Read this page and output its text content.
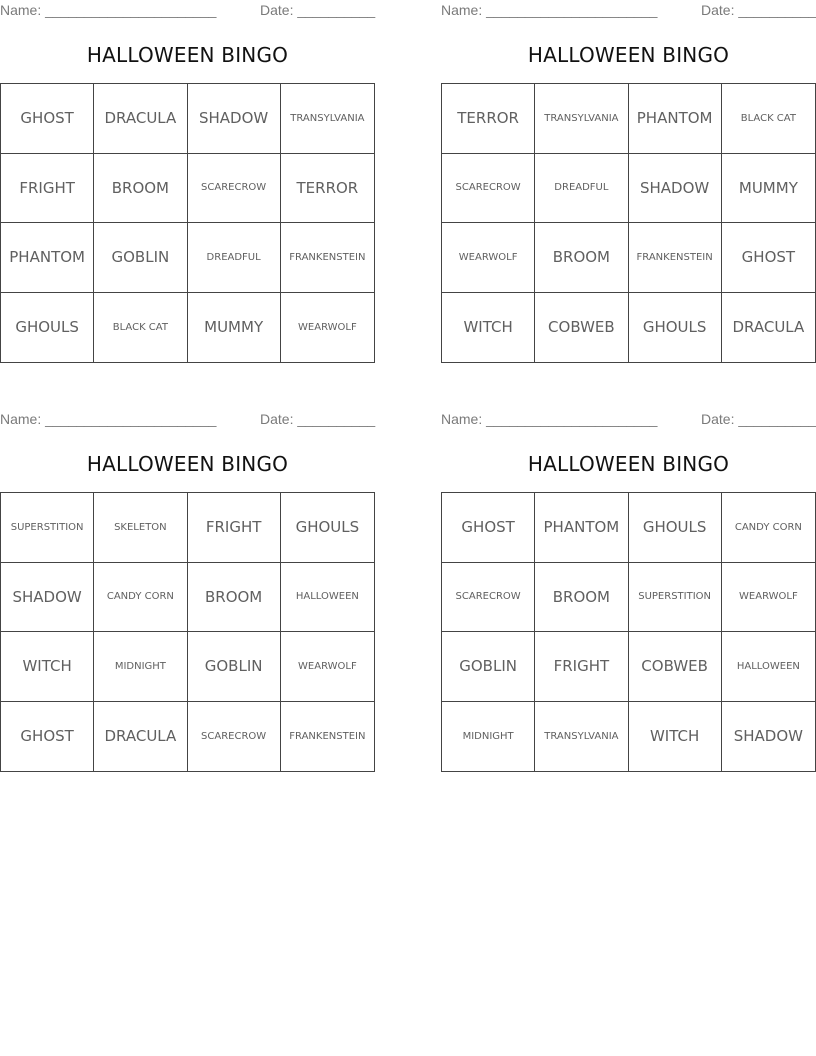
Name: ______________________	Date: __________
HALLOWEEN BINGO
GHOST	DRACULA	SHADOW	TRANSYLVANIA
FRIGHT	BROOM	SCARECROW	TERROR
PHANTOM	GOBLIN	DREADFUL	FRANKENSTEIN
GHOULS	BLACK CAT	MUMMY	WEARWOLF
Name: ______________________	Date: __________
HALLOWEEN BINGO
TERROR	TRANSYLVANIA	PHANTOM	BLACK CAT
SCARECROW	DREADFUL	SHADOW	MUMMY
WEARWOLF	BROOM	FRANKENSTEIN	GHOST
WITCH	COBWEB	GHOULS	DRACULA
Name: ______________________	Date: __________
HALLOWEEN BINGO
SUPERSTITION	SKELETON	FRIGHT	GHOULS
SHADOW	CANDY CORN	BROOM	HALLOWEEN
WITCH	MIDNIGHT	GOBLIN	WEARWOLF
GHOST	DRACULA	SCARECROW	FRANKENSTEIN
Name: ______________________	Date: __________
HALLOWEEN BINGO
GHOST	PHANTOM	GHOULS	CANDY CORN
SCARECROW	BROOM	SUPERSTITION	WEARWOLF
GOBLIN	FRIGHT	COBWEB	HALLOWEEN
MIDNIGHT	TRANSYLVANIA	WITCH	SHADOW
